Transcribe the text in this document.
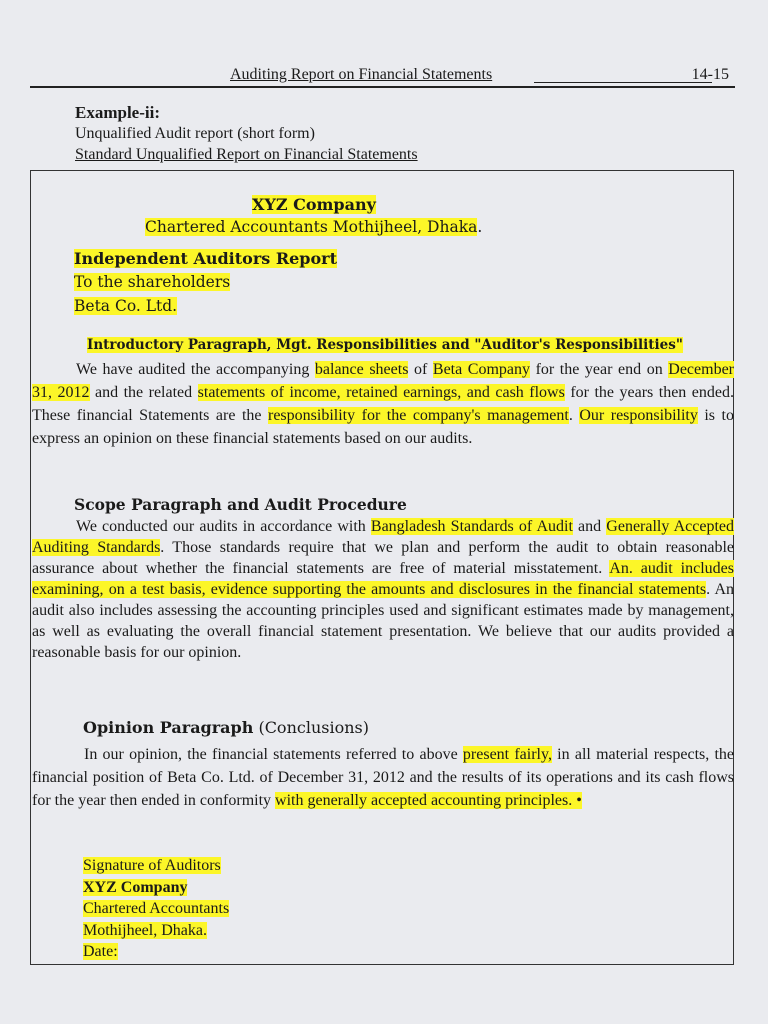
Auditing Report on Financial Statements	14-15
Example-ii:
Unqualified Audit report (short form)
Standard Unqualified Report on Financial Statements
XYZ Company
Chartered Accountants Mothijheel, Dhaka.
Independent Auditors Report
To the shareholders
Beta Co. Ltd.
Introductory Paragraph, Mgt. Responsibilities and "Auditor's Responsibilities"
We have audited the accompanying balance sheets of Beta Company for the year end on December 31, 2012 and the related statements of income, retained earnings, and cash flows for the years then ended. These financial Statements are the responsibility for the company's management. Our responsibility is to express an opinion on these financial statements based on our audits.
Scope Paragraph and Audit Procedure
We conducted our audits in accordance with Bangladesh Standards of Audit and Generally Accepted Auditing Standards. Those standards require that we plan and perform the audit to obtain reasonable assurance about whether the financial statements are free of material misstatement. An. audit includes examining, on a test basis, evidence supporting the amounts and disclosures in the financial statements. An audit also includes assessing the accounting principles used and significant estimates made by management, as well as evaluating the overall financial statement presentation. We believe that our audits provided a reasonable basis for our opinion.
Opinion Paragraph (Conclusions)
In our opinion, the financial statements referred to above present fairly, in all material respects, the financial position of Beta Co. Ltd. of December 31, 2012 and the results of its operations and its cash flows for the year then ended in conformity with generally accepted accounting principles. •
Signature of Auditors
XYZ Company
Chartered Accountants
Mothijheel, Dhaka.
Date:
